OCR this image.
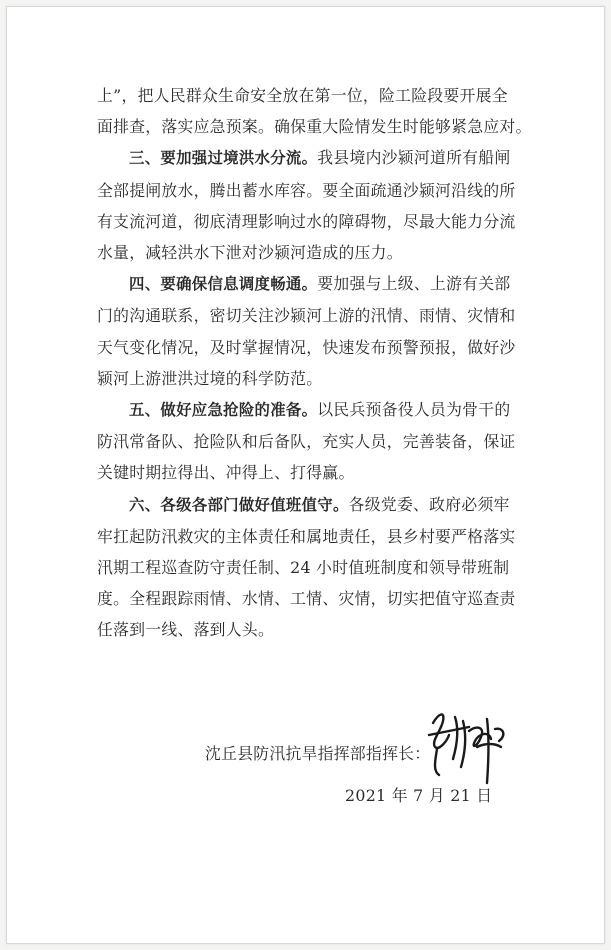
上”，把人民群众生命安全放在第一位，险工险段要开展全
面排查，落实应急预案。确保重大险情发生时能够紧急应对。

三、要加强过境洪水分流。我县境内沙颍河道所有船闸
全部提闸放水，腾出蓄水库容。要全面疏通沙颍河沿线的所
有支流河道，彻底清理影响过水的障碍物，尽最大能力分流
水量，减轻洪水下泄对沙颍河造成的压力。

四、要确保信息调度畅通。要加强与上级、上游有关部
门的沟通联系，密切关注沙颍河上游的汛情、雨情、灾情和
天气变化情况，及时掌握情况，快速发布预警预报，做好沙
颍河上游泄洪过境的科学防范。

五、做好应急抢险的准备。以民兵预备役人员为骨干的
防汛常备队、抢险队和后备队，充实人员，完善装备，保证
关键时期拉得出、冲得上、打得赢。

六、各级各部门做好值班值守。各级党委、政府必须牢
牢扛起防汛救灾的主体责任和属地责任，县乡村要严格落实
汛期工程巡查防守责任制、24 小时值班制度和领导带班制
度。全程跟踪雨情、水情、工情、灾情，切实把值守巡查责
任落到一线、落到人头。

沈丘县防汛抗旱指挥部指挥长：
2021 年 7 月 21 日
